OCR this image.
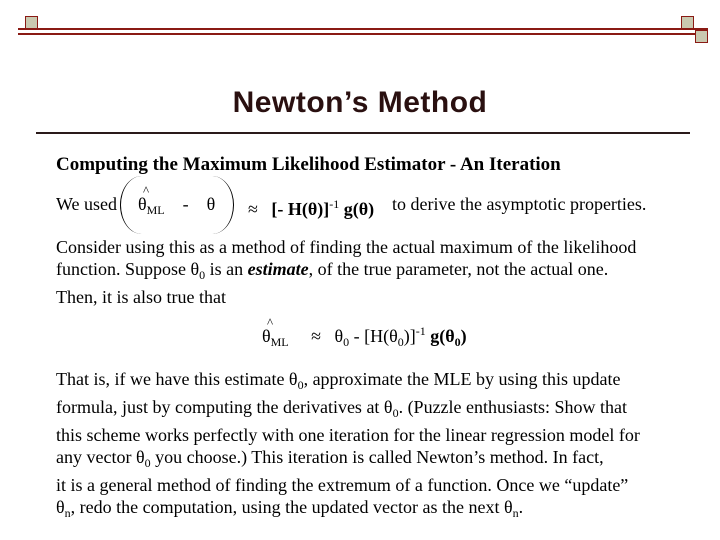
Newton’s Method
Computing the Maximum Likelihood Estimator - An Iteration
We used
^ $\theta_{ML}$ - θ ≈ [- H(θ)]$^{-1}$ g(θ) to derive the asymptotic properties.
Consider using this as a method of finding the actual maximum of the likelihood
function. Suppose $\theta_0$ is an estimate, of the true parameter, not the actual one.
Then, it is also true that
^ $\theta_{ML} \approx \theta_0 - [H(\theta_0)]^{-1}$ $g(\theta_0)$
That is, if we have this estimate $\theta_0$, approximate the MLE by using this update
formula, just by computing the derivatives at $\theta_0$. (Puzzle enthusiasts: Show that
this scheme works perfectly with one iteration for the linear regression model for
any vector $\theta_0$ you choose.) This iteration is called Newton’s method. In fact,
it is a general method of finding the extremum of a function. Once we “update”
$\theta_n$, redo the computation, using the updated vector as the next $\theta_n$.
